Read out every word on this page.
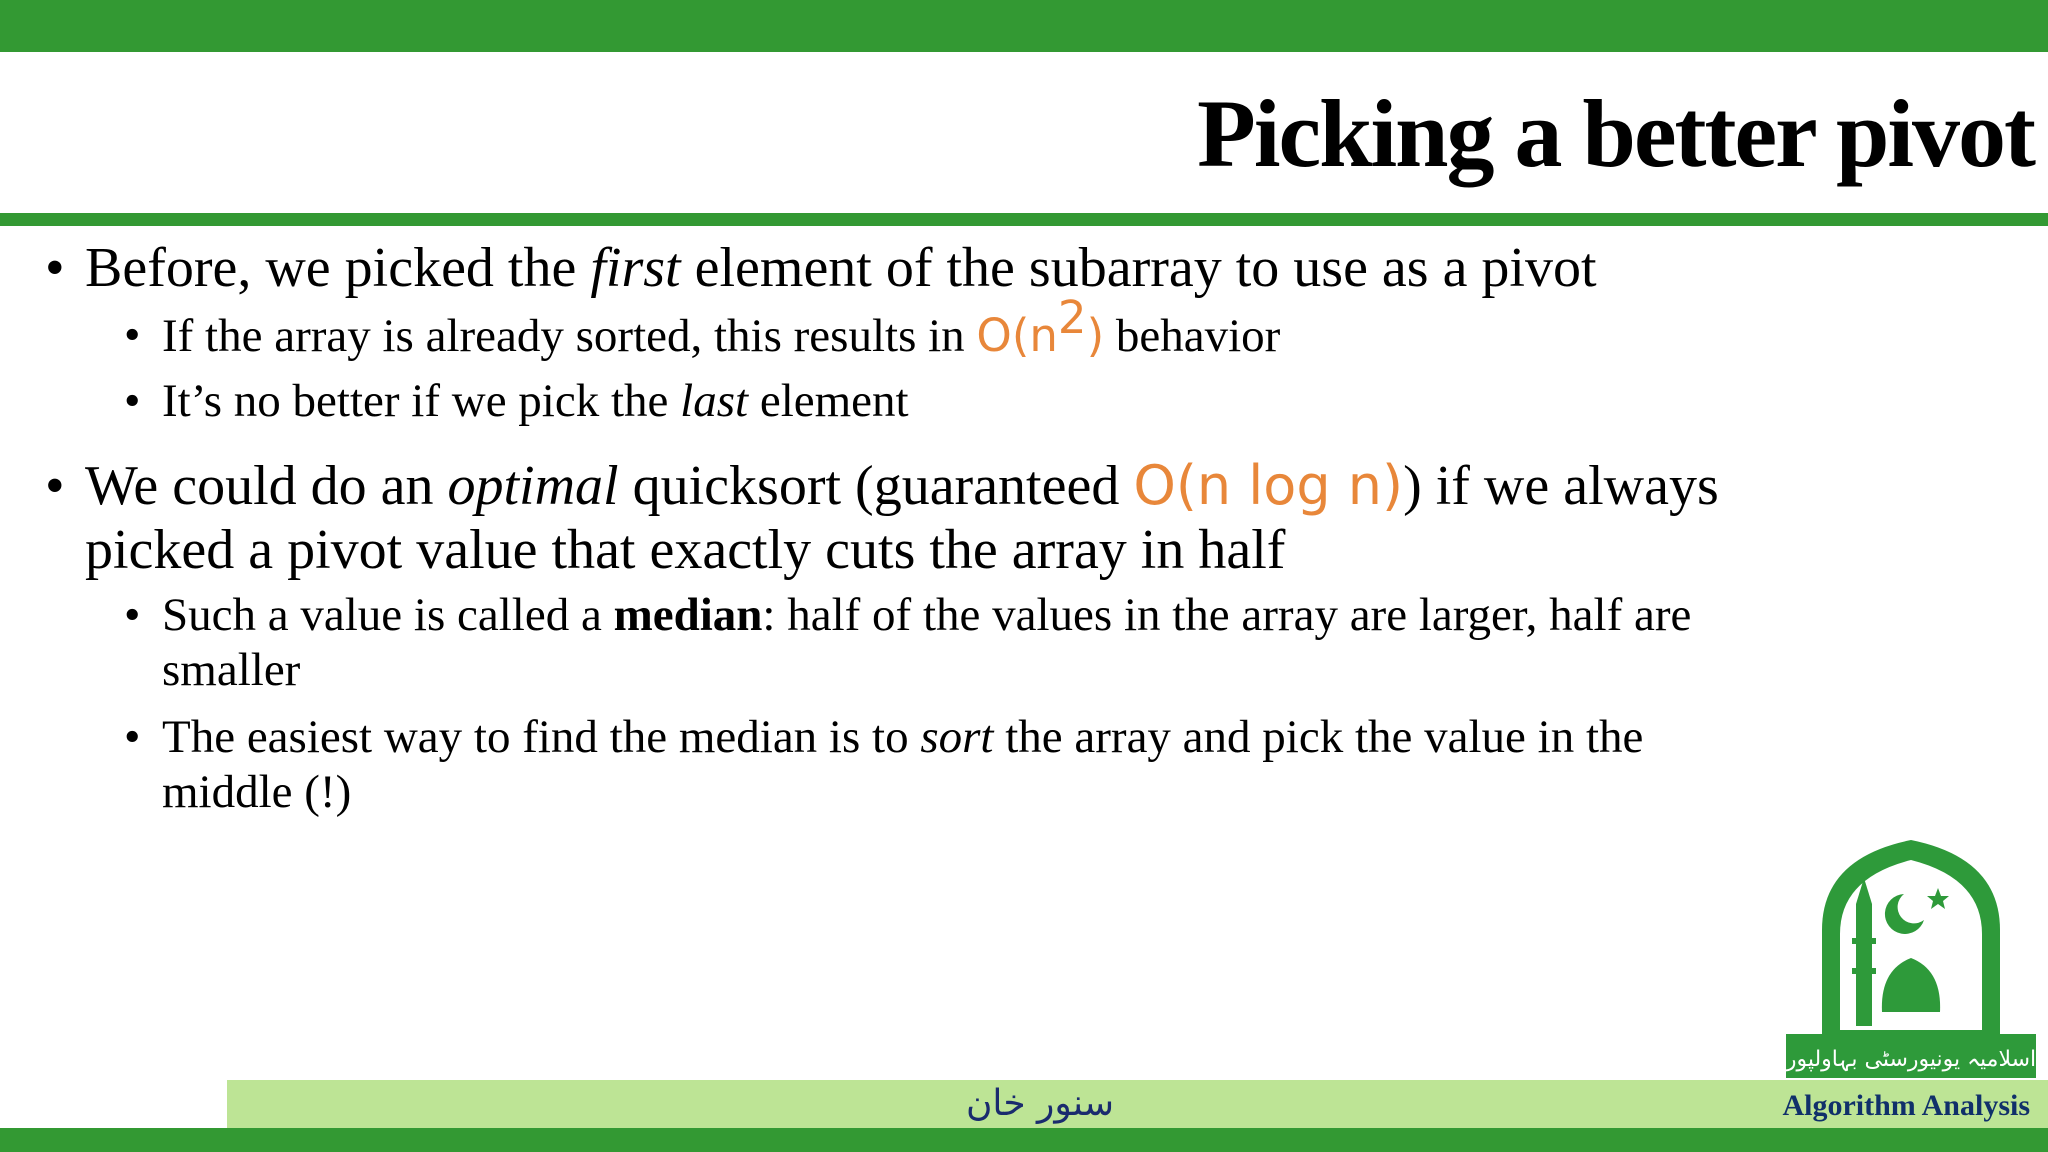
Picking a better pivot
• Before, we picked the first element of the subarray to use as a pivot
• If the array is already sorted, this results in $O(n^2)$ behavior
• It’s no better if we pick the last element
• We could do an optimal quicksort (guaranteed O(n log n)) if we always
picked a pivot value that exactly cuts the array in half
• Such a value is called a median: half of the values in the array are larger, half are
smaller
• The easiest way to find the median is to sort the array and pick the value in the
middle (!)
اسلامیہ یونیورسٹی بہاولپور
سنور خان	Algorithm Analysis
